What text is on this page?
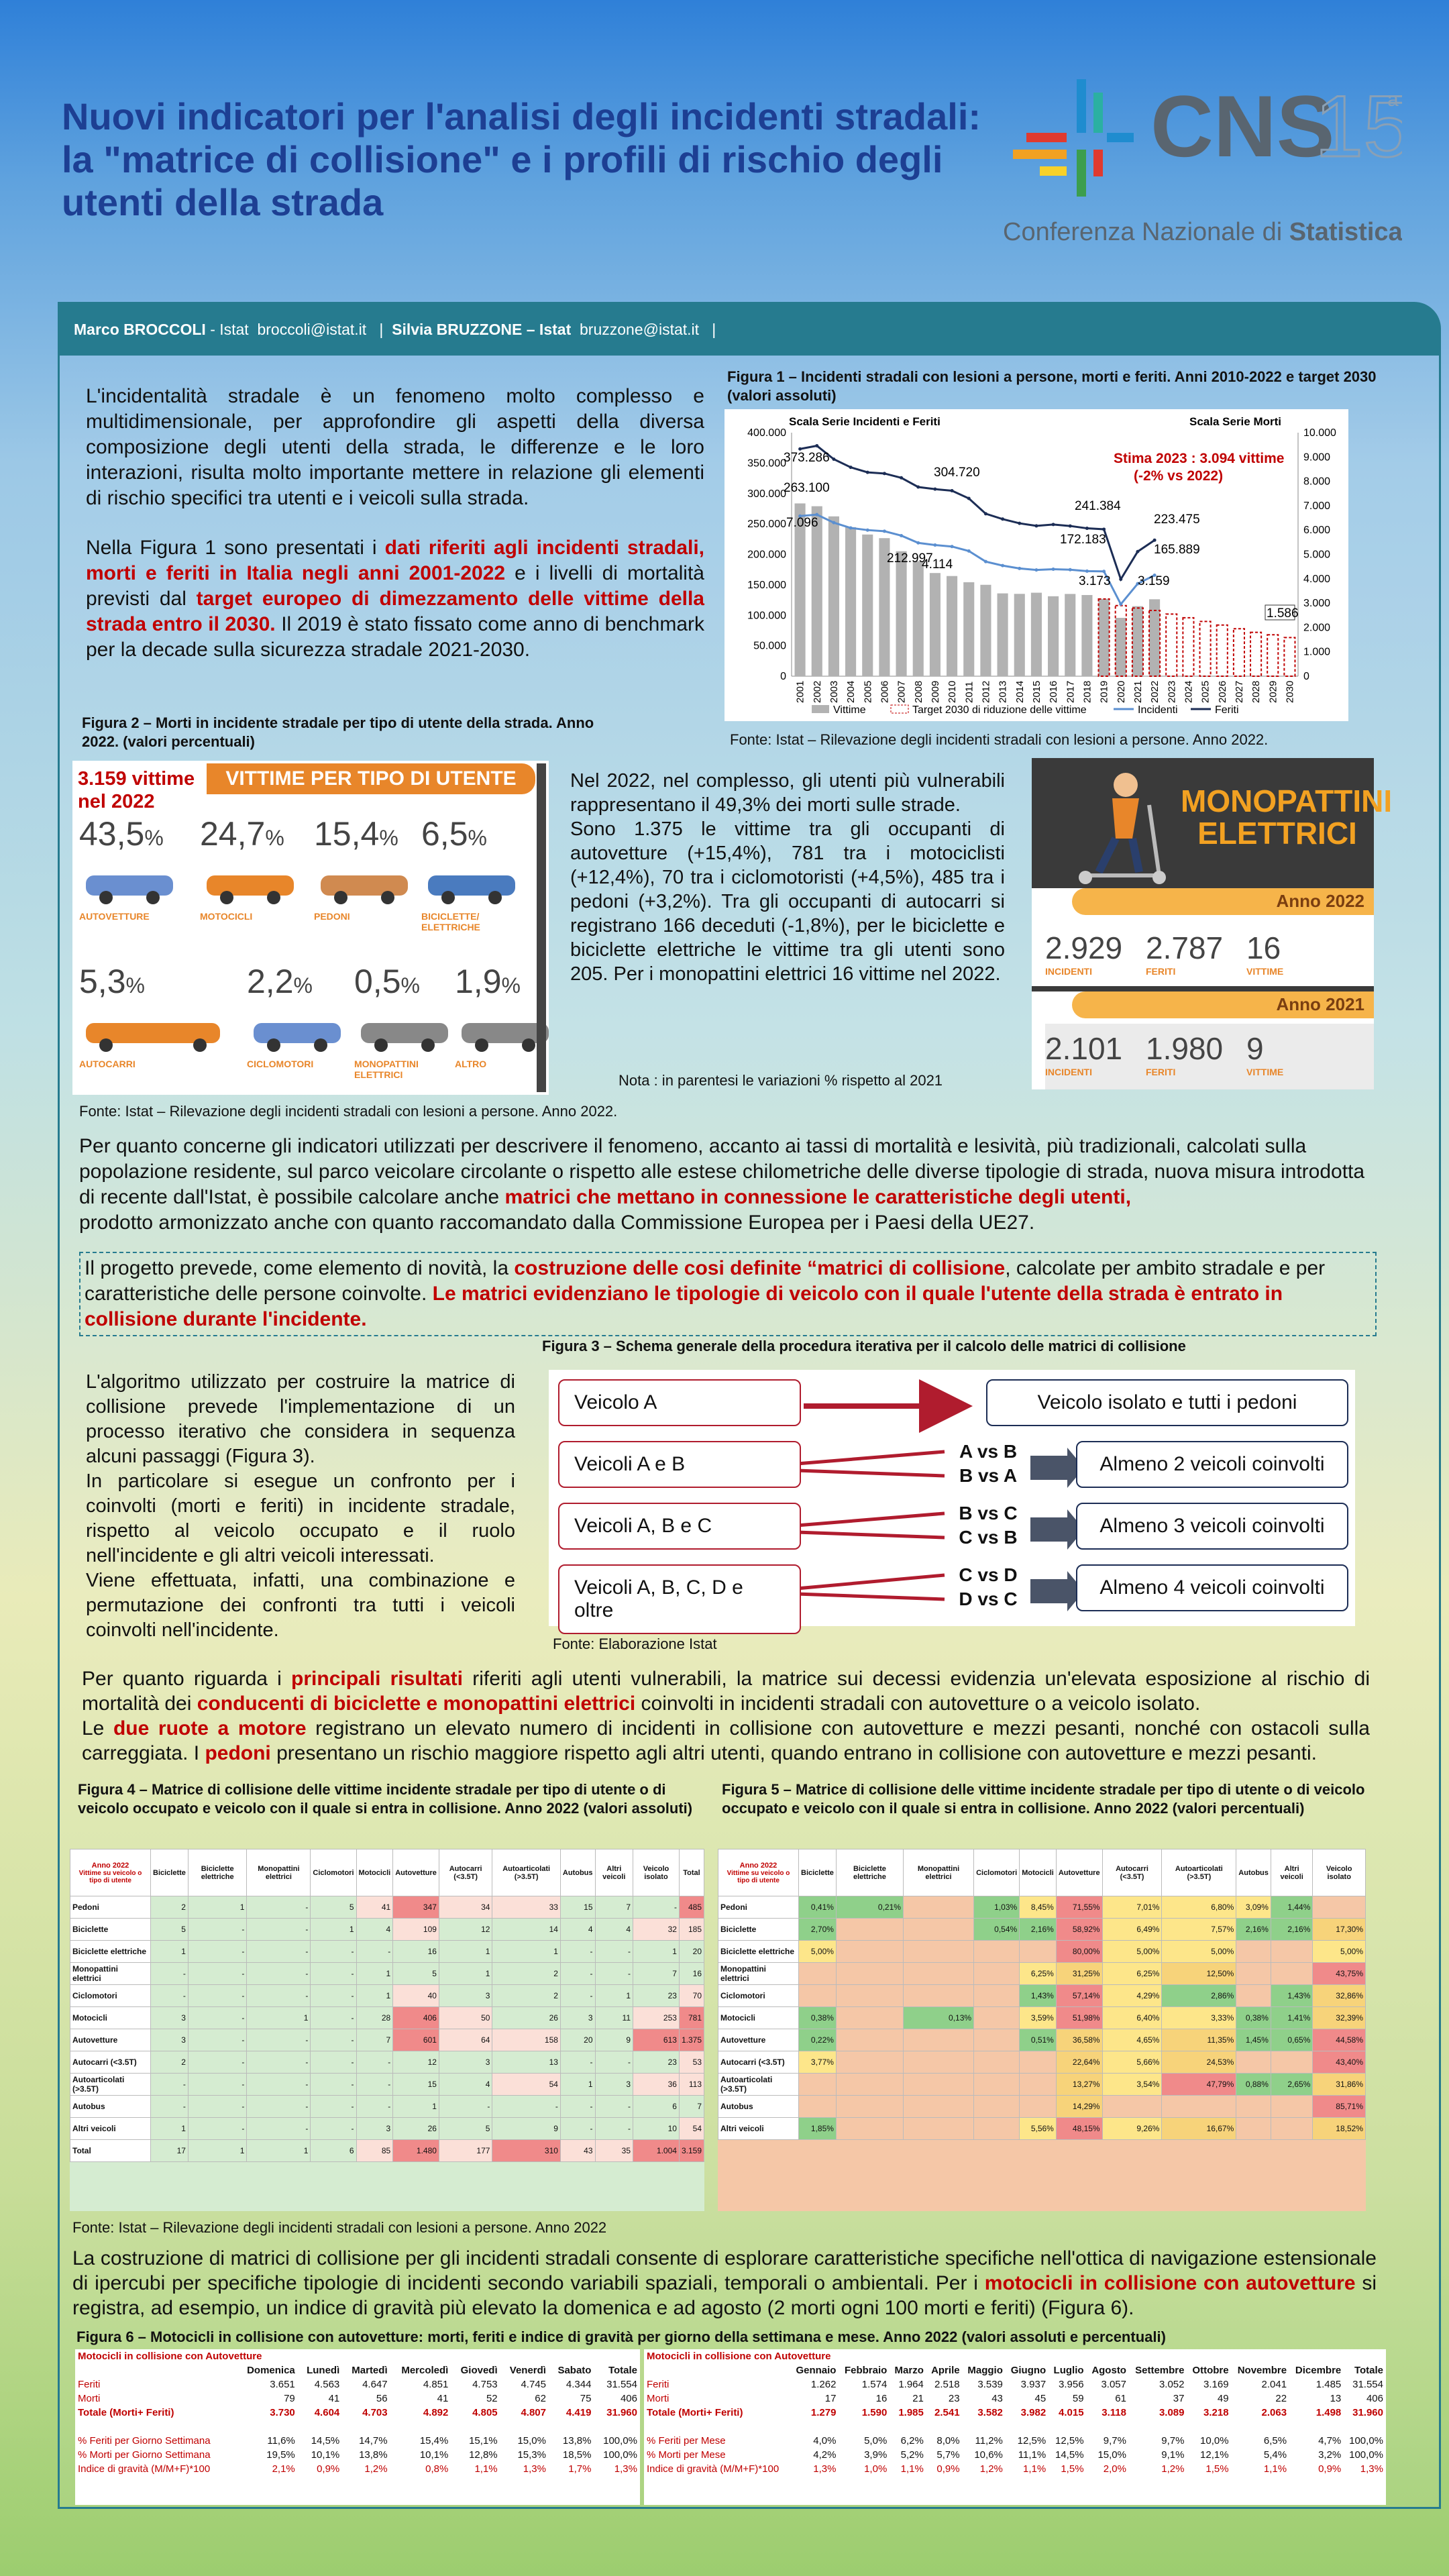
Nuovi indicatori per l'analisi degli incidenti stradali: la "matrice di collisione" e i profili di rischio degli utenti della strada
CNS
15
a
Conferenza Nazionale di Statistica
Marco BROCCOLI - Istat broccoli@istat.it | Silvia BRUZZONE – Istat bruzzone@istat.it |

L'incidentalità stradale è un fenomeno molto complesso e multidimensionale, per approfondire gli aspetti della diversa composizione degli utenti della strada, le differenze e le loro interazioni, risulta molto importante mettere in relazione gli elementi di rischio specifici tra utenti e i veicoli sulla strada.

Nella Figura 1 sono presentati i dati riferiti agli incidenti stradali, morti e feriti in Italia negli anni 2001-2022 e i livelli di mortalità previsti dal target europeo di dimezzamento delle vittime della strada entro il 2030. Il 2019 è stato fissato come anno di benchmark per la decade sulla sicurezza stradale 2021-2030.

Figura 1 – Incidenti stradali con lesioni a persone, morti e feriti. Anni 2010-2022 e target 2030 (valori assoluti)
0
50.000
100.000
150.000
200.000
250.000
300.000
350.000
400.000
0
1.000
2.000
3.000
4.000
5.000
6.000
7.000
8.000
9.000
10.000
2001 2002 2003 2004 2005 2006 2007 2008 2009 2010 2011 2012 2013 2014 2015 2016 2017 2018 2019 2020 2021 2022 2023 2024 2025 2026 2027 2028 2029 2030
Scala Serie Incidenti e Feriti	Scala Serie Morti
Stima 2023 : 3.094 vittime
(-2% vs 2022)
373.286
263.100
7.096
304.720
212.997
4.114
241.384
172.183
3.173
223.475
165.889
3.159
1.586
Vittime	Target 2030 di riduzione delle vittime	Incidenti	Feriti
Fonte: Istat – Rilevazione degli incidenti stradali con lesioni a persone. Anno 2022.
Figura 2 – Morti in incidente stradale per tipo di utente della strada. Anno 2022. (valori percentuali)
3.159 vittime nel 2022
VITTIME PER TIPO DI UTENTE
43,5%
AUTOVETTURE
24,7%
MOTOCICLI
15,4%
PEDONI
6,5%
BICICLETTE/ ELETTRICHE
5,3%
AUTOCARRI
2,2%
CICLOMOTORI
0,5%
MONOPATTINI ELETTRICI
1,9%
ALTRO
Fonte: Istat – Rilevazione degli incidenti stradali con lesioni a persone. Anno 2022.

Nel 2022, nel complesso, gli utenti più vulnerabili rappresentano il 49,3% dei morti sulle strade.

Sono 1.375 le vittime tra gli occupanti di autovetture (+15,4%), 781 tra i motociclisti (+12,4%), 70 tra i ciclomotoristi (+4,5%), 485 tra i pedoni (+3,2%). Tra gli occupanti di autocarri si registrano 166 deceduti (-1,8%), per le biciclette e biciclette elettriche le vittime tra gli utenti sono 205. Per i monopattini elettrici 16 vittime nel 2022.

Nota : in parentesi le variazioni % rispetto al 2021
MONOPATTINI
ELETTRICI
Anno 2022
2.929
INCIDENTI
2.787
FERITI
16
VITTIME
Anno 2021
2.101
INCIDENTI
1.980
FERITI
9
VITTIME
Per quanto concerne gli indicatori utilizzati per descrivere il fenomeno, accanto ai tassi di mortalità e lesività, più tradizionali, calcolati sulla popolazione residente, sul parco veicolare circolante o rispetto alle estese chilometriche delle diverse tipologie di strada, nuova misura introdotta di recente dall'Istat, è possibile calcolare anche matrici che mettano in connessione le caratteristiche degli utenti,
prodotto armonizzato anche con quanto raccomandato dalla Commissione Europea per i Paesi della UE27.
Il progetto prevede, come elemento di novità, la costruzione delle cosi definite “matrici di collisione, calcolate per ambito stradale e per caratteristiche delle persone coinvolte. Le matrici evidenziano le tipologie di veicolo con il quale l'utente della strada è entrato in collisione durante l'incidente.
Figura 3 – Schema generale della procedura iterativa per il calcolo delle matrici di collisione

L'algoritmo utilizzato per costruire la matrice di collisione prevede l'implementazione di un processo iterativo che considera in sequenza alcuni passaggi (Figura 3).

In particolare si esegue un confronto per i coinvolti (morti e feriti) in incidente stradale, rispetto al veicolo occupato e il ruolo nell'incidente e gli altri veicoli interessati.

Viene effettuata, infatti, una combinazione e permutazione dei confronti tra tutti i veicoli coinvolti nell'incidente.

Veicolo A
Veicoli A e B
Veicoli A, B e C
Veicoli A, B, C, D e oltre
A vs B
B vs A
B vs C
C vs B
C vs D
D vs C
Veicolo isolato e tutti i pedoni
Almeno 2 veicoli coinvolti
Almeno 3 veicoli coinvolti
Almeno 4 veicoli coinvolti
Fonte: Elaborazione Istat
Per quanto riguarda i principali risultati riferiti agli utenti vulnerabili, la matrice sui decessi evidenzia un'elevata esposizione al rischio di mortalità dei conducenti di biciclette e monopattini elettrici coinvolti in incidenti stradali con autovetture o a veicolo isolato.
Le due ruote a motore registrano un elevato numero di incidenti in collisione con autovetture e mezzi pesanti, nonché con ostacoli sulla carreggiata. I pedoni presentano un rischio maggiore rispetto agli altri utenti, quando entrano in collisione con autovetture e mezzi pesanti.
Figura 4 – Matrice di collisione delle vittime incidente stradale per tipo di utente o di veicolo occupato e veicolo con il quale si entra in collisione. Anno 2022 (valori assoluti)
Anno 2022
Vittime su veicolo o tipo di utente	Biciclette	Biciclette elettriche	Monopattini elettrici	Ciclomotori	Motocicli	Autovetture	Autocarri (<3.5T)	Autoarticolati (>3.5T)	Autobus	Altri veicoli	Veicolo isolato	Total
Pedoni	2	1	-	5	41	347	34	33	15	7	-	485
Biciclette	5	-	-	1	4	109	12	14	4	4	32	185
Biciclette elettriche	1	-	-	-	-	16	1	1	-	-	1	20
Monopattini elettrici	-	-	-	-	1	5	1	2	-	-	7	16
Ciclomotori	-	-	-	-	1	40	3	2	-	1	23	70
Motocicli	3	-	1	-	28	406	50	26	3	11	253	781
Autovetture	3	-	-	-	7	601	64	158	20	9	613	1.375
Autocarri (<3.5T)	2	-	-	-	-	12	3	13	-	-	23	53
Autoarticolati (>3.5T)	-	-	-	-	-	15	4	54	1	3	36	113
Autobus	-	-	-	-	-	1	-	-	-	-	6	7
Altri veicoli	1	-	-	-	3	26	5	9	-	-	10	54
Total	17	1	1	6	85	1.480	177	310	43	35	1.004	3.159
Fonte: Istat – Rilevazione degli incidenti stradali con lesioni a persone. Anno 2022
Figura 5 – Matrice di collisione delle vittime incidente stradale per tipo di utente o di veicolo occupato e veicolo con il quale si entra in collisione. Anno 2022 (valori percentuali)
Anno 2022
Vittime su veicolo o tipo di utente	Biciclette	Biciclette elettriche	Monopattini elettrici	Ciclomotori	Motocicli	Autovetture	Autocarri (<3.5T)	Autoarticolati (>3.5T)	Autobus	Altri veicoli	Veicolo isolato
Pedoni	0,41%	0,21%		1,03%	8,45%	71,55%	7,01%	6,80%	3,09%	1,44%	
Biciclette	2,70%			0,54%	2,16%	58,92%	6,49%	7,57%	2,16%	2,16%	17,30%
Biciclette elettriche	5,00%					80,00%	5,00%	5,00%			5,00%
Monopattini elettrici					6,25%	31,25%	6,25%	12,50%			43,75%
Ciclomotori					1,43%	57,14%	4,29%	2,86%		1,43%	32,86%
Motocicli	0,38%		0,13%		3,59%	51,98%	6,40%	3,33%	0,38%	1,41%	32,39%
Autovetture	0,22%				0,51%	36,58%	4,65%	11,35%	1,45%	0,65%	44,58%
Autocarri (<3.5T)	3,77%					22,64%	5,66%	24,53%			43,40%
Autoarticolati (>3.5T)						13,27%	3,54%	47,79%	0,88%	2,65%	31,86%
Autobus						14,29%					85,71%
Altri veicoli	1,85%				5,56%	48,15%	9,26%	16,67%			18,52%
La costruzione di matrici di collisione per gli incidenti stradali consente di esplorare caratteristiche specifiche nell'ottica di navigazione estensionale di ipercubi per specifiche tipologie di incidenti secondo variabili spaziali, temporali o ambientali. Per i motocicli in collisione con autovetture si registra, ad esempio, un indice di gravità più elevato la domenica e ad agosto (2 morti ogni 100 morti e feriti) (Figura 6).
Figura 6 – Motocicli in collisione con autovetture: morti, feriti e indice di gravità per giorno della settimana e mese. Anno 2022 (valori assoluti e percentuali)
Motocicli in collisione con Autovetture								
	Domenica	Lunedì	Martedì	Mercoledì	Giovedì	Venerdì	Sabato	Totale
Feriti	3.651	4.563	4.647	4.851	4.753	4.745	4.344	31.554
Morti	79	41	56	41	52	62	75	406
Totale (Morti+ Feriti)	3.730	4.604	4.703	4.892	4.805	4.807	4.419	31.960

% Feriti per Giorno Settimana	11,6%	14,5%	14,7%	15,4%	15,1%	15,0%	13,8%	100,0%
% Morti per Giorno Settimana	19,5%	10,1%	13,8%	10,1%	12,8%	15,3%	18,5%	100,0%
Indice di gravità (M/M+F)*100	2,1%	0,9%	1,2%	0,8%	1,1%	1,3%	1,7%	1,3%
Motocicli in collisione con Autovetture													
	Gennaio	Febbraio	Marzo	Aprile	Maggio	Giugno	Luglio	Agosto	Settembre	Ottobre	Novembre	Dicembre	Totale
Feriti	1.262	1.574	1.964	2.518	3.539	3.937	3.956	3.057	3.052	3.169	2.041	1.485	31.554
Morti	17	16	21	23	43	45	59	61	37	49	22	13	406
Totale (Morti+ Feriti)	1.279	1.590	1.985	2.541	3.582	3.982	4.015	3.118	3.089	3.218	2.063	1.498	31.960

% Feriti per Mese	4,0%	5,0%	6,2%	8,0%	11,2%	12,5%	12,5%	9,7%	9,7%	10,0%	6,5%	4,7%	100,0%
% Morti per Mese	4,2%	3,9%	5,2%	5,7%	10,6%	11,1%	14,5%	15,0%	9,1%	12,1%	5,4%	3,2%	100,0%
Indice di gravità (M/M+F)*100	1,3%	1,0%	1,1%	0,9%	1,2%	1,1%	1,5%	2,0%	1,2%	1,5%	1,1%	0,9%	1,3%
